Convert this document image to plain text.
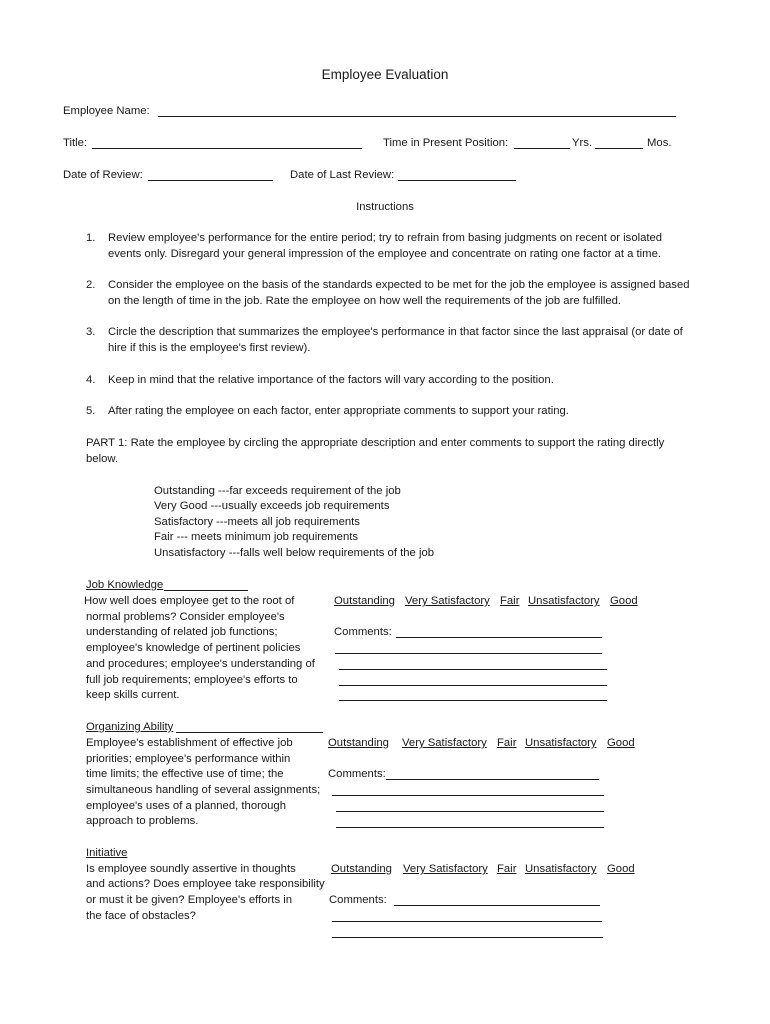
Employee Evaluation
Employee Name:
Title:	Time in Present Position:	Yrs.	Mos.
Date of Review:	Date of Last Review:
Instructions
1. Review employee's performance for the entire period; try to refrain from basing judgments on recent or isolated
events only. Disregard your general impression of the employee and concentrate on rating one factor at a time.
2. Consider the employee on the basis of the standards expected to be met for the job the employee is assigned based
on the length of time in the job. Rate the employee on how well the requirements of the job are fulfilled.
3. Circle the description that summarizes the employee's performance in that factor since the last appraisal (or date of
hire if this is the employee's first review).
4. Keep in mind that the relative importance of the factors will vary according to the position.
5. After rating the employee on each factor, enter appropriate comments to support your rating.
PART 1: Rate the employee by circling the appropriate description and enter comments to support the rating directly
below.
Outstanding ---far exceeds requirement of the job
Very Good ---usually exceeds job requirements
Satisfactory ---meets all job requirements
Fair --- meets minimum job requirements
Unsatisfactory ---falls well below requirements of the job
Job Knowledge
How well does employee get to the root of
normal problems? Consider employee's
understanding of related job functions;
employee's knowledge of pertinent policies
and procedures; employee's understanding of
full job requirements; employee's efforts to
keep skills current.
Outstanding Very Satisfactory Fair Unsatisfactory Good
Comments:
Organizing Ability
Employee's establishment of effective job
priorities; employee's performance within
time limits; the effective use of time; the
simultaneous handling of several assignments;
employee's uses of a planned, thorough
approach to problems.
Outstanding Very Satisfactory Fair Unsatisfactory Good
Comments:
Initiative
Is employee soundly assertive in thoughts
and actions? Does employee take responsibility
or must it be given? Employee's efforts in
the face of obstacles?
Outstanding Very Satisfactory Fair Unsatisfactory Good
Comments:
